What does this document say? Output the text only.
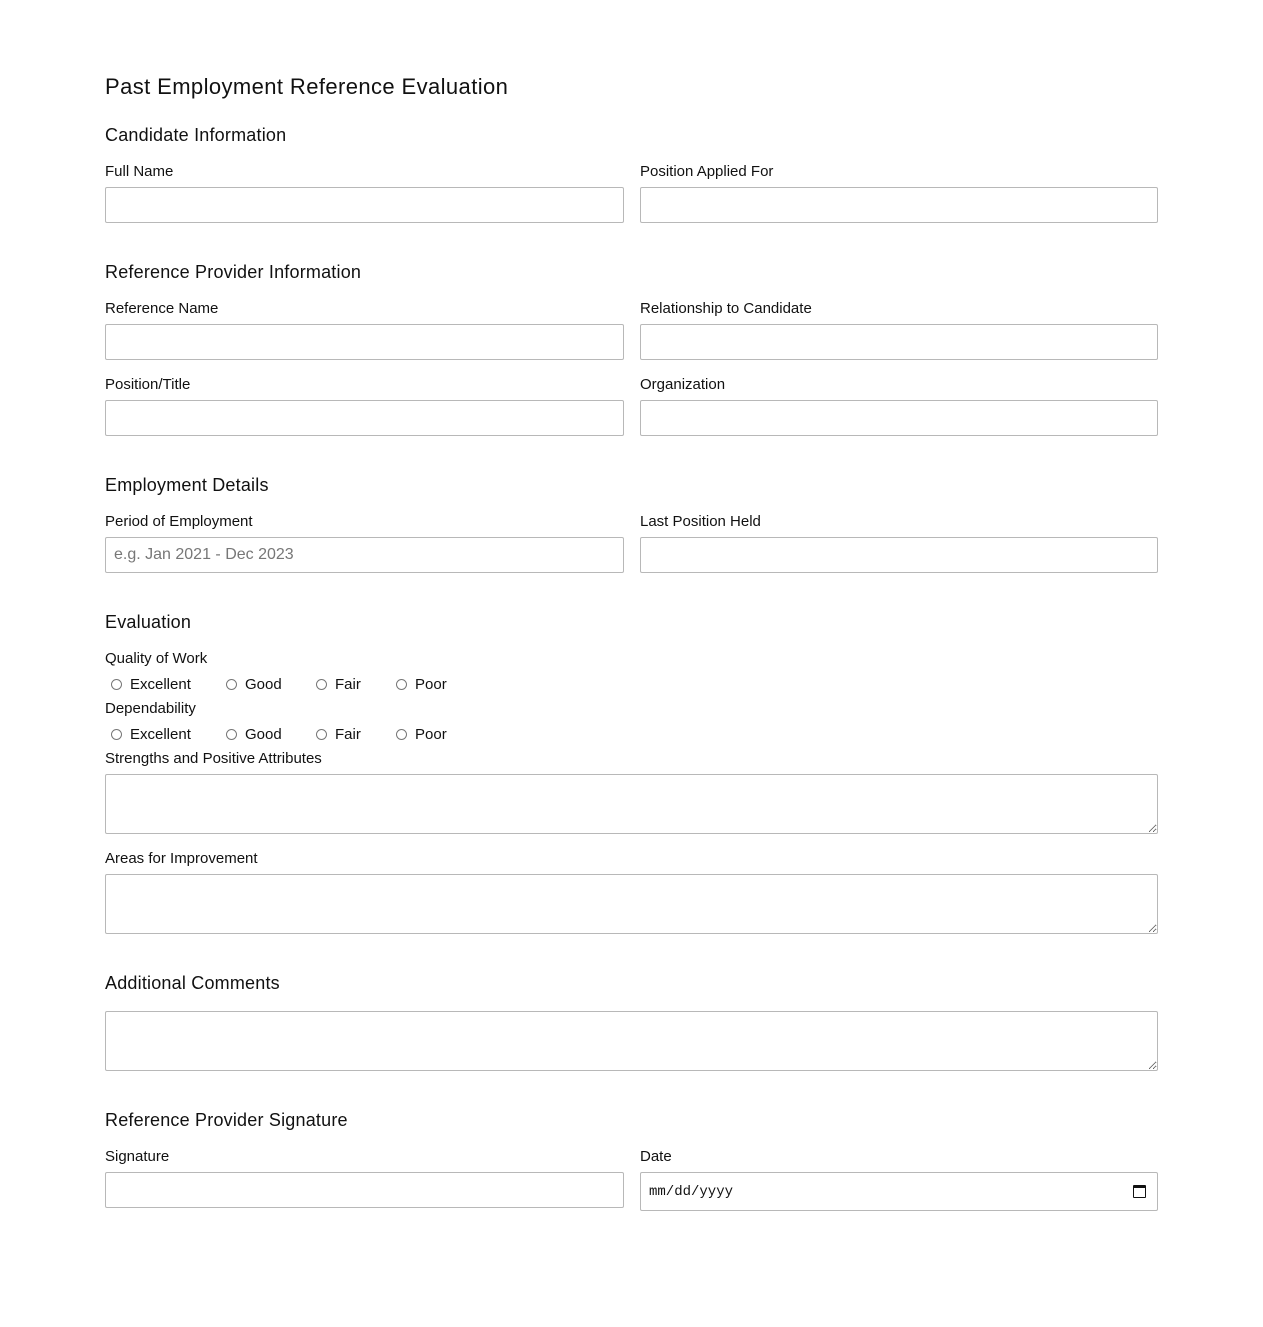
Past Employment Reference Evaluation
Candidate Information
Full Name	Position Applied For
Reference Provider Information
Reference Name	Relationship to Candidate
Position/Title	Organization
Employment Details
Period of Employment	Last Position Held
e.g. Jan 2021 - Dec 2023
Evaluation
Quality of Work
Excellent	Good	Fair	Poor
Dependability
Excellent	Good	Fair	Poor
Strengths and Positive Attributes
Areas for Improvement
Additional Comments
Reference Provider Signature
Signature	Date
mm/dd/yyyy
